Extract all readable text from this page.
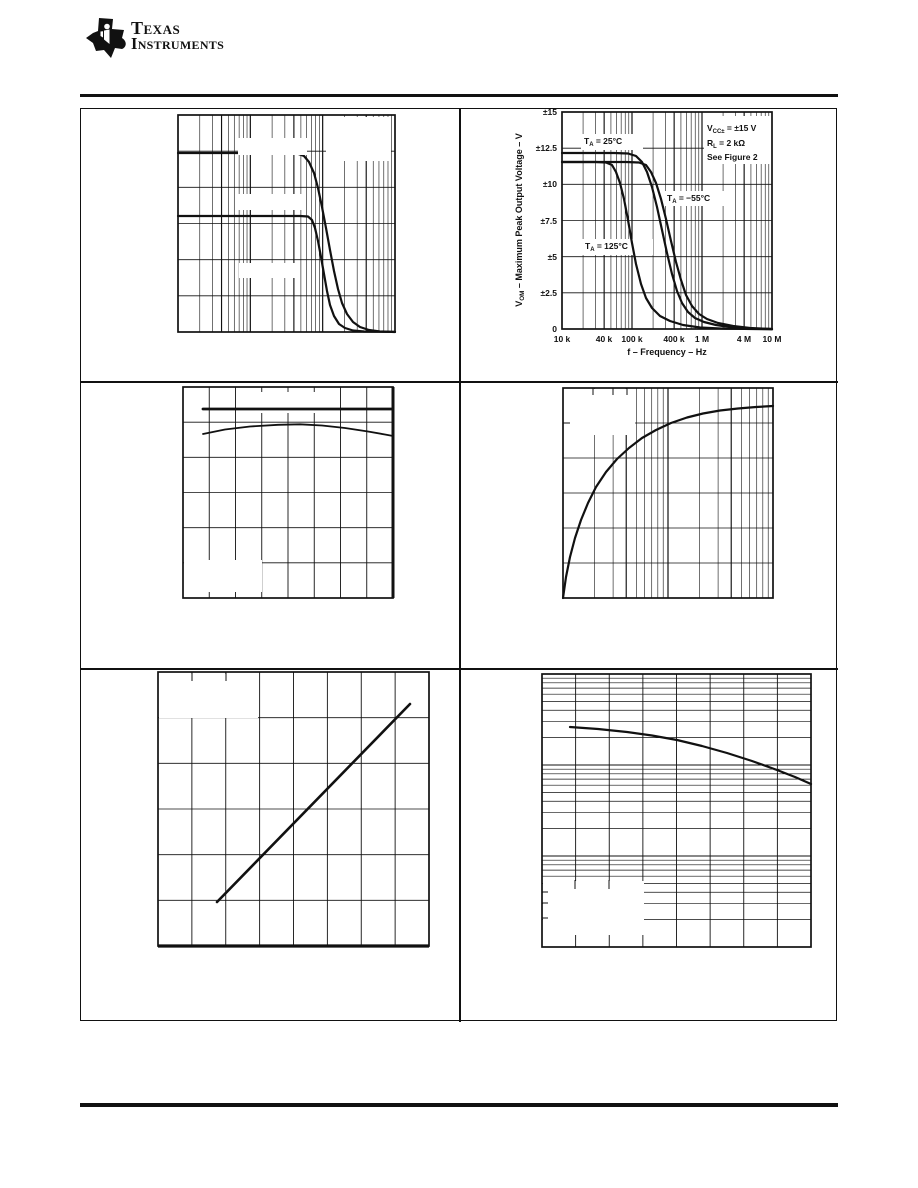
Texas
Instruments
±15
±12.5
±10
±7.5
±5
±2.5
0
10 k	40 k 100 k 400 k 1 M	4 M 10 M
f – Frequency – Hz
$V_{OM}$ – Maximum Peak Output Voltage – V
$V_{CC\pm} = \pm 15$ V
$R_L = 2$ kΩ
See Figure 2
$T_A = 25^\circ C$
$T_A = -55^\circ C$
$T_A = 125^\circ C$
